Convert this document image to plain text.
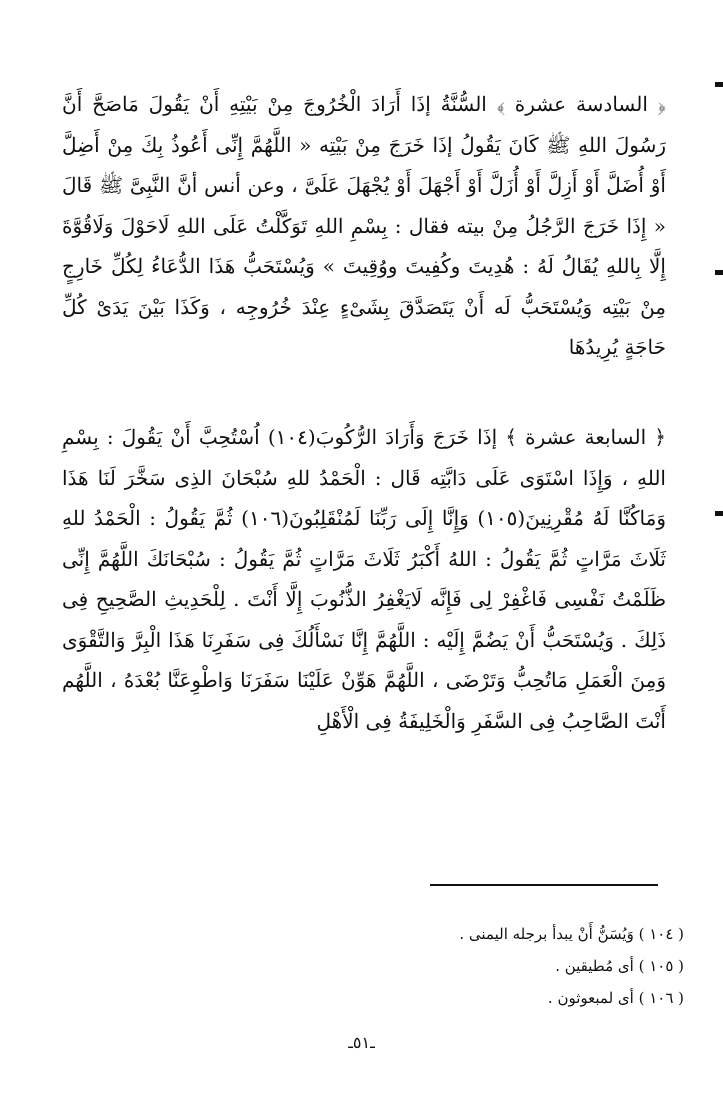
﴿ السادسة عشرة ﴾ السُّنَّةُ إذَا أَرَادَ الْخُرُوجَ مِنْ بَيْتِهِ أَنْ يَقُولَ مَاصَحَّ أَنَّ رَسُولَ اللهِ ﷺ كَانَ يَقُولُ إذَا خَرَجَ مِنْ بَيْتِه « اللَّهُمَّ إِنِّى أَعُوذُ بِكَ مِنْ أَضِلَّ أَوْ أُضَلَّ أَوْ أَزِلَّ أَوْ أُزَلَّ أَوْ أَجْهَلَ أَوْ يُجْهَلَ عَلَىَّ ، وعن أنس أنَّ النَّبِىَّ ﷺ قَالَ « إِذَا خَرَجَ الرَّجُلُ مِنْ بيته فقال : بِسْمِ اللهِ تَوَكَّلْتُ عَلَى اللهِ لَاحَوْلَ وَلَاقُوَّةَ إِلَّا بِاللهِ يُقَالُ لَهُ : هُدِيتَ وكُفِيتَ ووُقِيتَ » وَيُسْتَحَبُّ هَذَا الدُّعَاءُ لِكُلِّ خَارِجٍ مِنْ بَيْتِه وَيُسْتَحَبُّ لَه أَنْ يَتَصَدَّقَ بِشَىْءٍ عِنْدَ خُرُوجِه ، وَكَذَا بَيْنَ يَدَىْ كُلِّ حَاجَةٍ يُرِيدُهَا

﴿ السابعة عشرة ﴾ إذَا خَرَجَ وَأَرَادَ الرُّكُوبَ(١٠٤) اُسْتُحِبَّ أَنْ يَقُولَ : بِسْمِ اللهِ ، وَإِذَا اسْتَوَى عَلَى دَابَّتِه قَال : الْحَمْدُ للهِ سُبْحَانَ الذِى سَخَّرَ لَنَا هَذَا وَمَاكُنَّا لَهُ مُقْرِنِينَ(١٠٥) وَإِنَّا إِلَى رَبِّنَا لَمُنْقَلِبُونَ(١٠٦) ثُمَّ يَقُولُ : الْحَمْدُ للهِ ثَلَاثَ مَرَّاتٍ ثُمَّ يَقُولُ : اللهُ أَكْبَرُ ثَلَاثَ مَرَّاتٍ ثُمَّ يَقُولُ : سُبْحَانَكَ اللَّهُمَّ إِنِّى ظَلَمْتُ نَفْسِى فَاغْفِرْ لِى فَإِنَّه لَايَغْفِرُ الذُّنُوبَ إِلَّا أَنْتَ . لِلْحَدِيثِ الصَّحِيحِ فِى ذَلِكَ . وَيُسْتَحَبُّ أَنْ يَضُمَّ إِلَيْه : اللَّهُمَّ إِنَّا نَسْأَلُكَ فِى سَفَرِنَا هَذَا الْبِرَّ وَالتَّقْوَى وَمِنَ الْعَمَلِ مَاتُحِبُّ وَتَرْضَى ، اللَّهُمَّ هَوِّنْ عَلَيْنَا سَفَرَنَا وَاطْوِعَنَّا بُعْدَهُ ، اللَّهُم أَنْتَ الصَّاحِبُ فِى السَّفَرِ وَالْخَلِيفَةُ فِى الْأَهْلِ

( ١٠٤ ) وَيُسَنُّ أَنْ يبدأ برجله اليمنى .
( ١٠٥ ) أى مُطيقين .
( ١٠٦ ) أى لمبعوثون .
ـ٥١ـ
